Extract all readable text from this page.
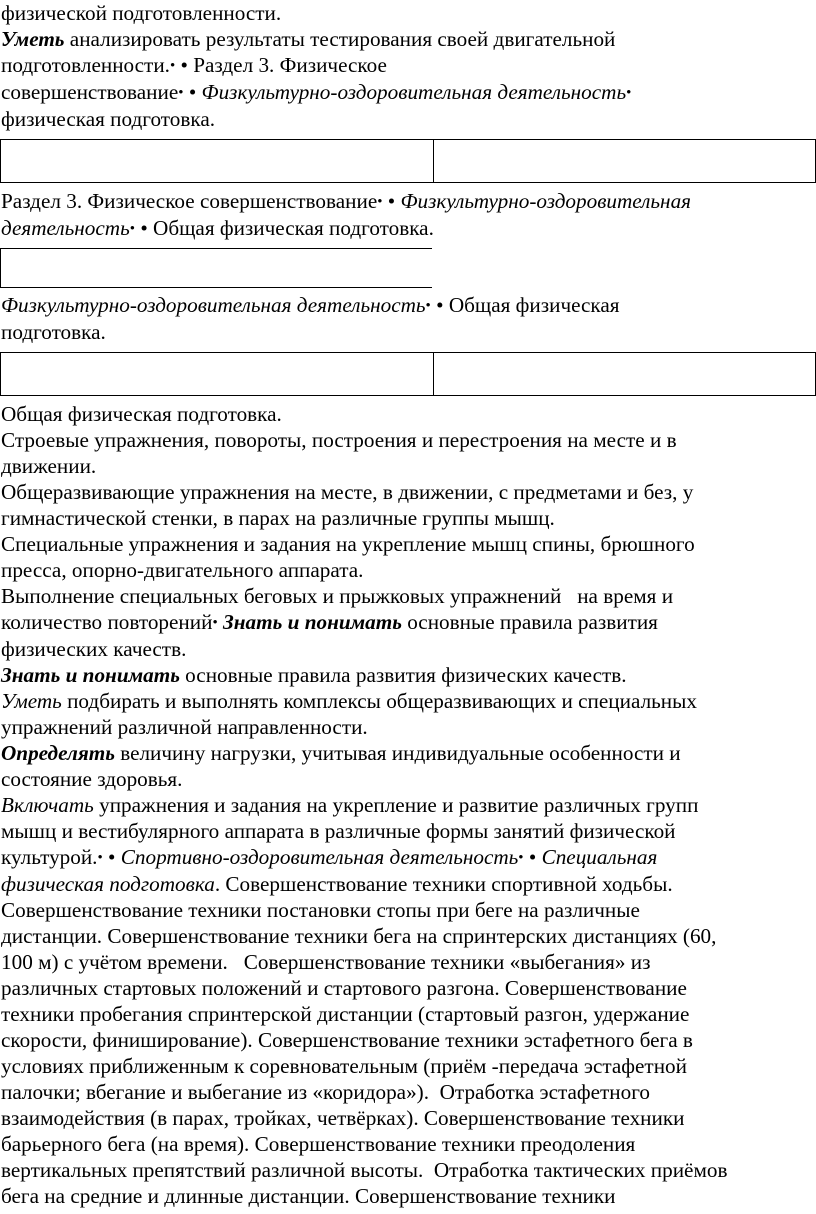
физической подготовленности.

Уметь анализировать результаты тестирования своей двигательной

подготовленности.• • Раздел 3. Физическое

совершенствование• • Физкультурно-оздоровительная деятельность•

физическая подготовка.

Раздел 3. Физическое совершенствование• • Физкультурно-оздоровительная

деятельность• • Общая физическая подготовка.

Физкультурно-оздоровительная деятельность• • Общая физическая

подготовка.

Общая физическая подготовка.

Строевые упражнения, повороты, построения и перестроения на месте и в

движении.

Общеразвивающие упражнения на месте, в движении, с предметами и без, у

гимнастической стенки, в парах на различные группы мышц.

Специальные упражнения и задания на укрепление мышц спины, брюшного

пресса, опорно-двигательного аппарата.

Выполнение специальных беговых и прыжковых упражнений   на время и

количество повторений• Знать и понимать основные правила развития

физических качеств.

Знать и понимать основные правила развития физических качеств.

Уметь подбирать и выполнять комплексы общеразвивающих и специальных

упражнений различной направленности.

Определять величину нагрузки, учитывая индивидуальные особенности и

состояние здоровья.

Включать упражнения и задания на укрепление и развитие различных групп

мышц и вестибулярного аппарата в различные формы занятий физической

культурой.• • Спортивно-оздоровительная деятельность• • Специальная

физическая подготовка. Совершенствование техники спортивной ходьбы.

Совершенствование техники постановки стопы при беге на различные

дистанции. Совершенствование техники бега на спринтерских дистанциях (60,

100 м) с учётом времени.   Совершенствование техники «выбегания» из

различных стартовых положений и стартового разгона. Совершенствование

техники пробегания спринтерской дистанции (стартовый разгон, удержание

скорости, финиширование). Совершенствование техники эстафетного бега в

условиях приближенным к соревновательным (приём -передача эстафетной

палочки; вбегание и выбегание из «коридора»).  Отработка эстафетного

взаимодействия (в парах, тройках, четвёрках). Совершенствование техники

барьерного бега (на время). Совершенствование техники преодоления

вертикальных препятствий различной высоты.  Отработка тактических приёмов

бега на средние и длинные дистанции. Совершенствование техники
